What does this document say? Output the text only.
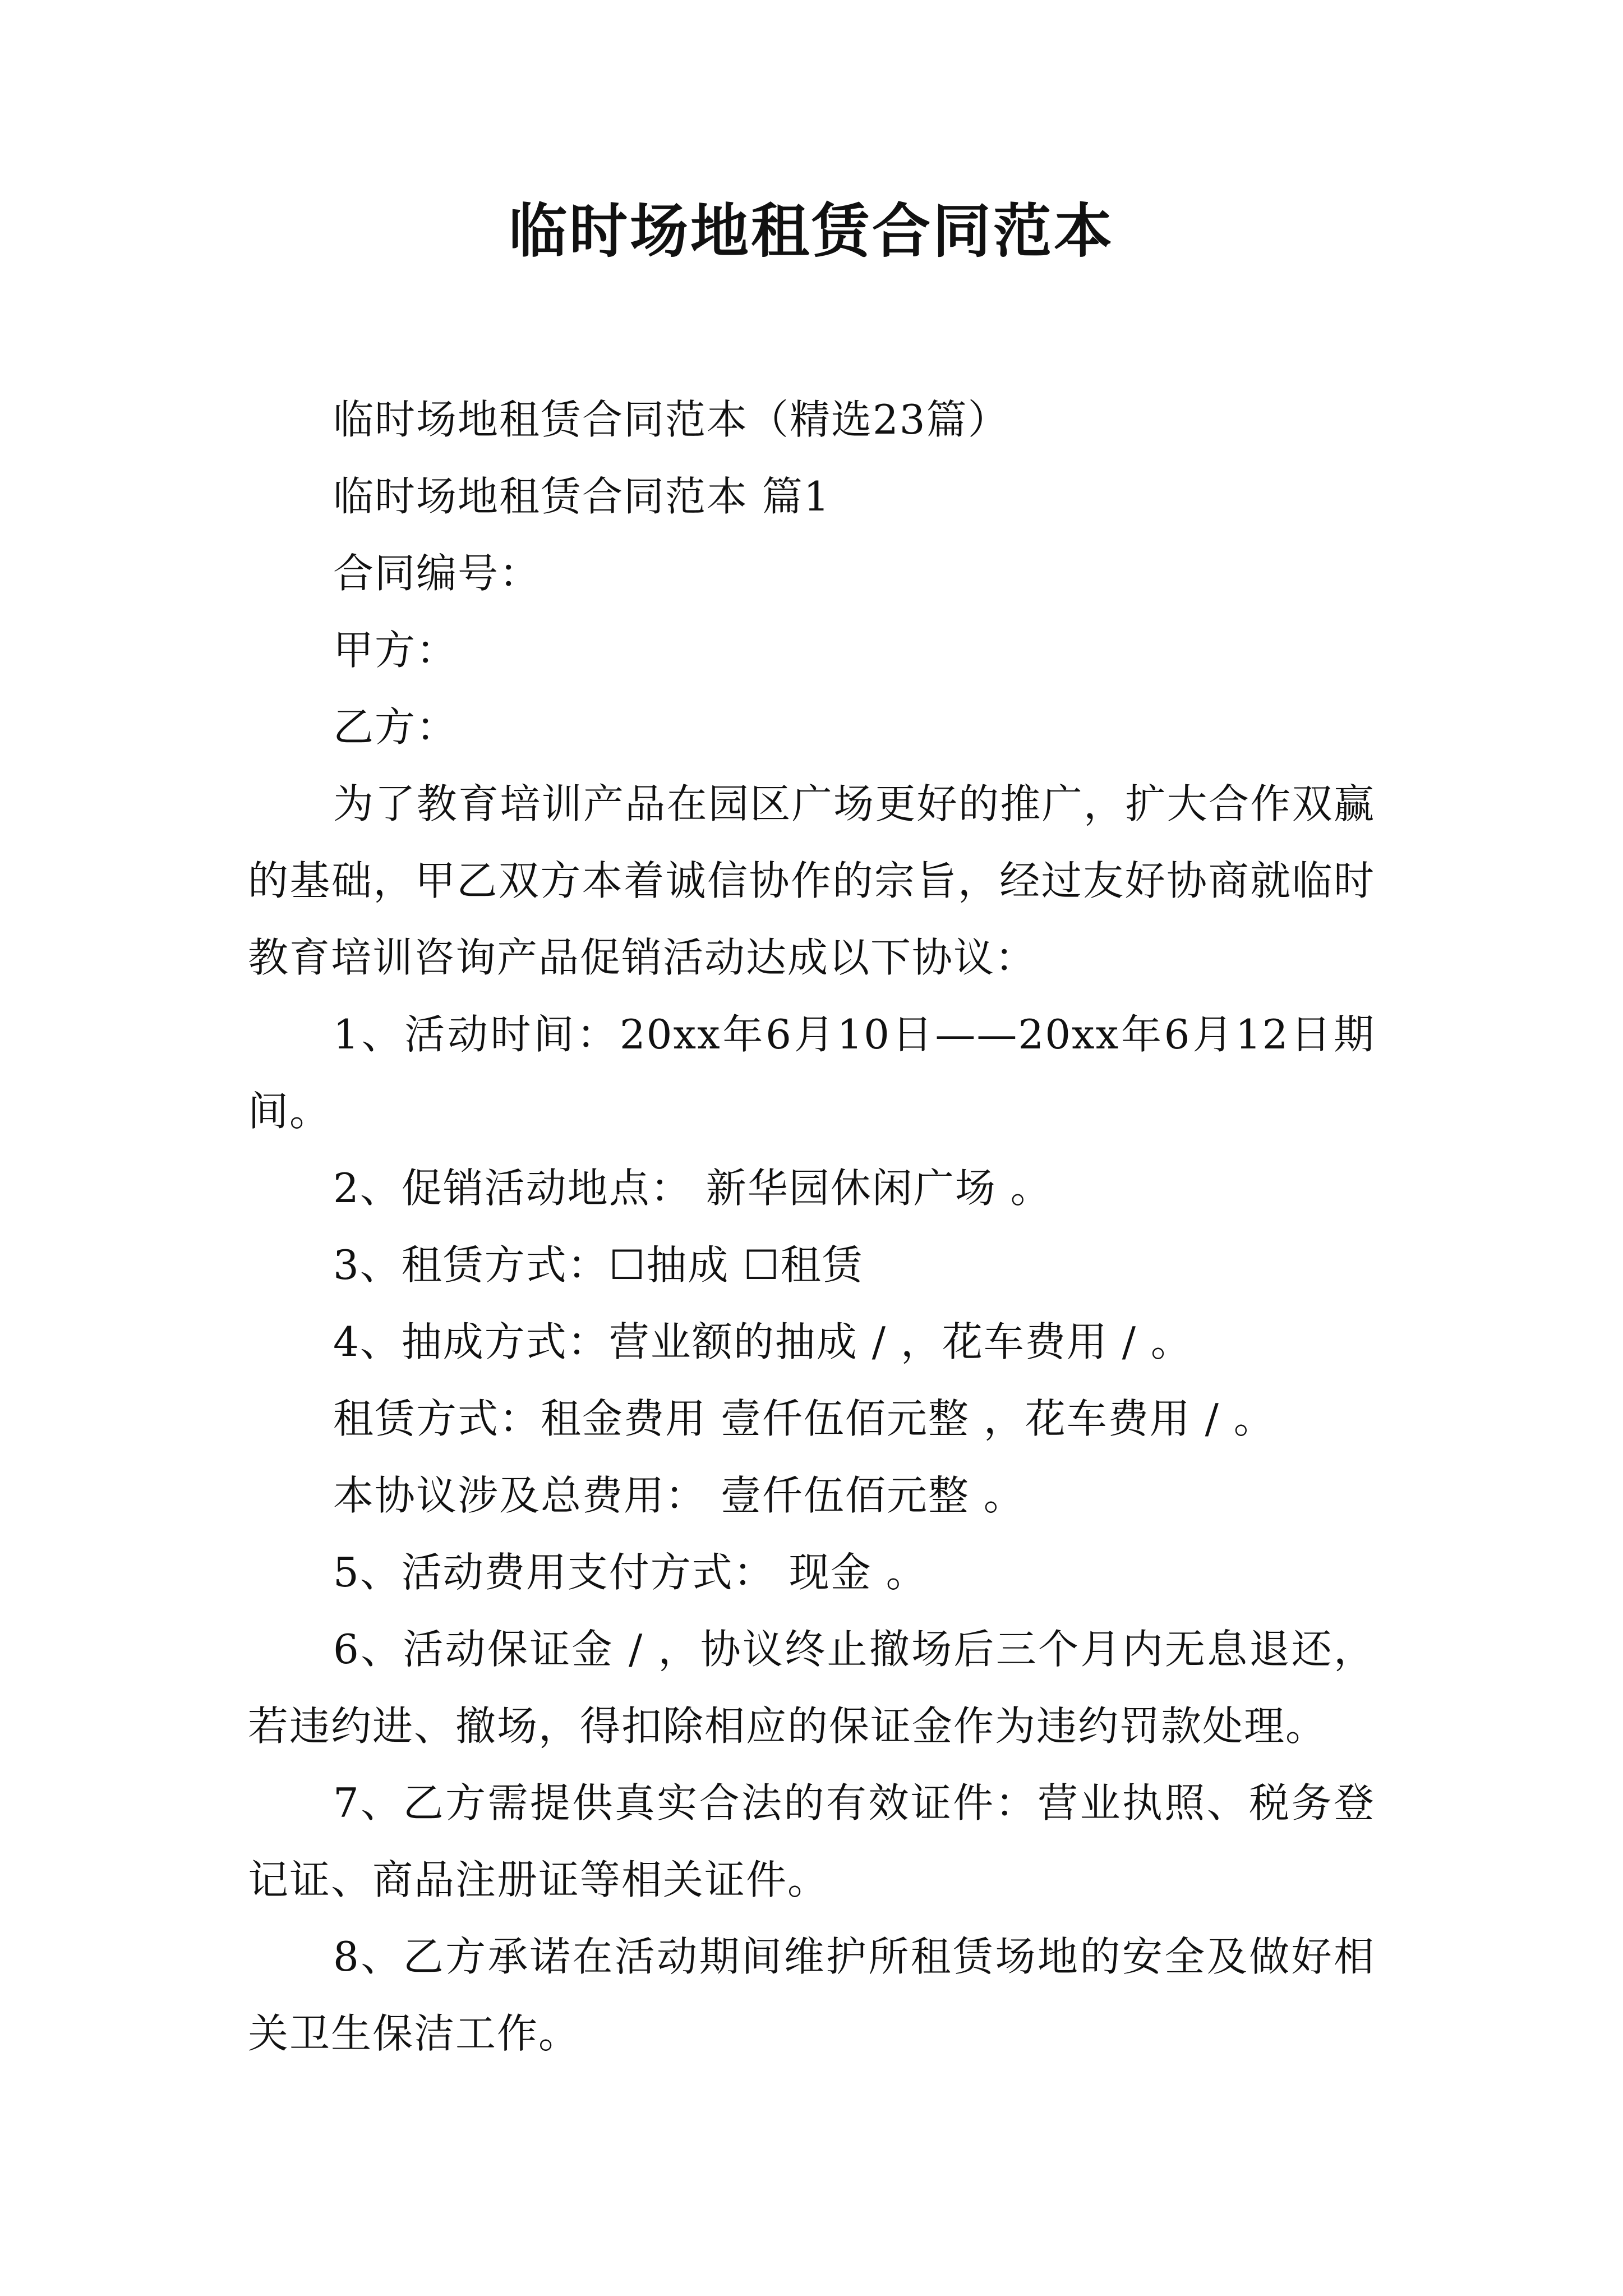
临时场地租赁合同范本

临时场地租赁合同范本（精选23篇）

临时场地租赁合同范本 篇1

合同编号：

甲方：

乙方：

为了教育培训产品在园区广场更好的推广，扩大合作双赢的基础，甲乙双方本着诚信协作的宗旨，经过友好协商就临时教育培训咨询产品促销活动达成以下协议：

1、活动时间：20xx年6月10日——20xx年6月12日期间。

2、促销活动地点： 新华园休闲广场 。

3、租赁方式：☐抽成 ☐租赁

4、抽成方式：营业额的抽成 / ，花车费用 / 。

租赁方式：租金费用 壹仟伍佰元整 ，花车费用 / 。

本协议涉及总费用： 壹仟伍佰元整 。

5、活动费用支付方式： 现金 。

6、活动保证金 / ，协议终止撤场后三个月内无息退还，若违约进、撤场，得扣除相应的保证金作为违约罚款处理。

7、乙方需提供真实合法的有效证件：营业执照、税务登记证、商品注册证等相关证件。

8、乙方承诺在活动期间维护所租赁场地的安全及做好相关卫生保洁工作。
